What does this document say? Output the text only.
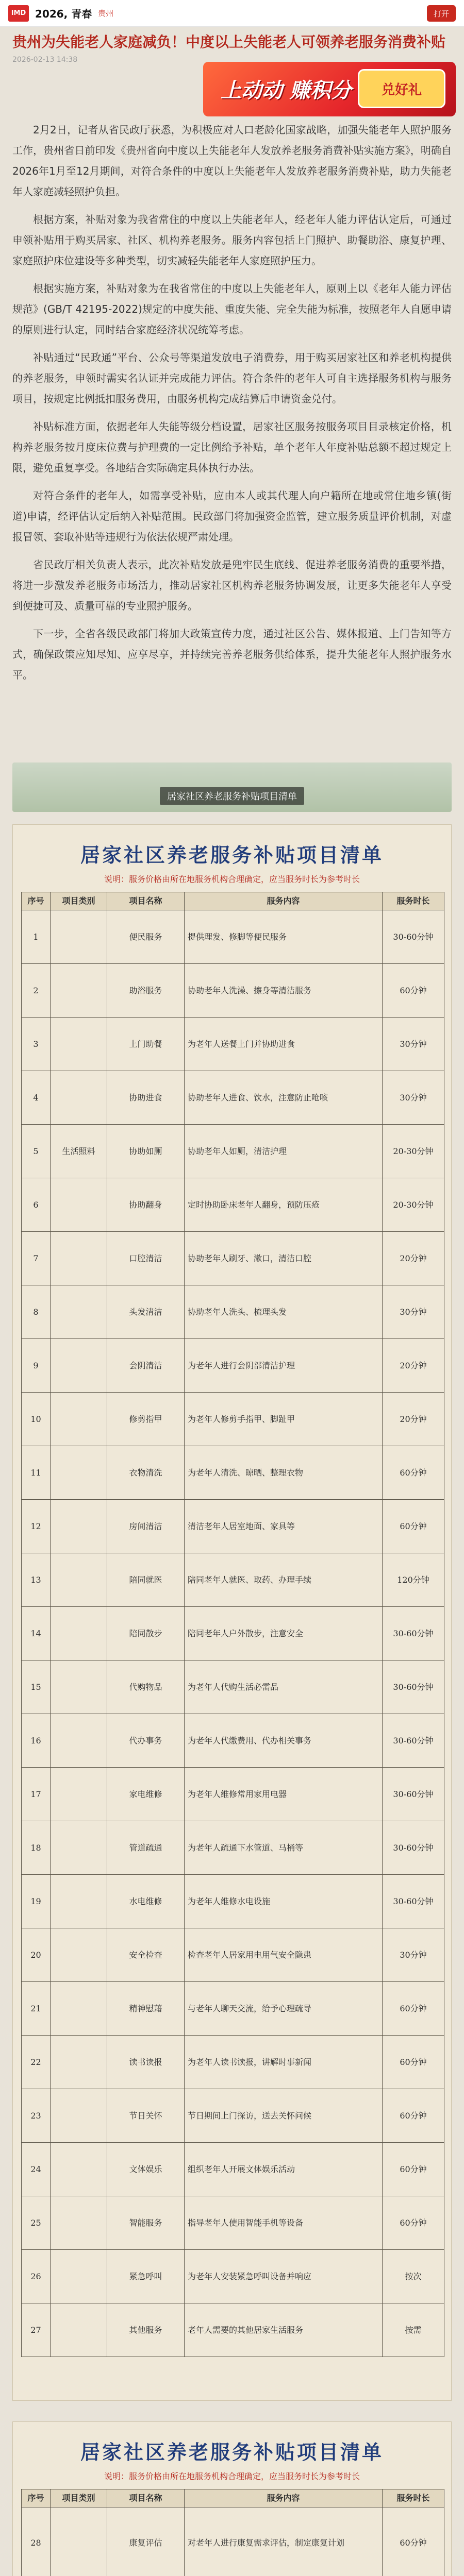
IMD 2026, 青春 贵州	打开
贵州为失能老人家庭减负！中度以上失能老人可领养老服务消费补贴
2026-02-13 14:38
上动动 赚积分	兑好礼

2月2日，记者从省民政厅获悉，为积极应对人口老龄化国家战略，加强失能老年人照护服务工作，贵州省日前印发《贵州省向中度以上失能老年人发放养老服务消费补贴实施方案》，明确自2026年1月至12月期间，对符合条件的中度以上失能老年人发放养老服务消费补贴，助力失能老年人家庭减轻照护负担。

根据方案，补贴对象为我省常住的中度以上失能老年人，经老年人能力评估认定后，可通过申领补贴用于购买居家、社区、机构养老服务。服务内容包括上门照护、助餐助浴、康复护理、家庭照护床位建设等多种类型，切实减轻失能老年人家庭照护压力。

根据实施方案，补贴对象为在我省常住的中度以上失能老年人，原则上以《老年人能力评估规范》(GB/T 42195-2022)规定的中度失能、重度失能、完全失能为标准，按照老年人自愿申请的原则进行认定，同时结合家庭经济状况统筹考虑。

补贴通过“民政通”平台、公众号等渠道发放电子消费券，用于购买居家社区和养老机构提供的养老服务，申领时需实名认证并完成能力评估。符合条件的老年人可自主选择服务机构与服务项目，按规定比例抵扣服务费用，由服务机构完成结算后申请资金兑付。

补贴标准方面，依据老年人失能等级分档设置，居家社区服务按服务项目目录核定价格，机构养老服务按月度床位费与护理费的一定比例给予补贴，单个老年人年度补贴总额不超过规定上限，避免重复享受。各地结合实际确定具体执行办法。

对符合条件的老年人，如需享受补贴，应由本人或其代理人向户籍所在地或常住地乡镇(街道)申请，经评估认定后纳入补贴范围。民政部门将加强资金监管，建立服务质量评价机制，对虚报冒领、套取补贴等违规行为依法依规严肃处理。

省民政厅相关负责人表示，此次补贴发放是兜牢民生底线、促进养老服务消费的重要举措，将进一步激发养老服务市场活力，推动居家社区机构养老服务协调发展，让更多失能老年人享受到便捷可及、质量可靠的专业照护服务。

下一步，全省各级民政部门将加大政策宣传力度，通过社区公告、媒体报道、上门告知等方式，确保政策应知尽知、应享尽享，并持续完善养老服务供给体系，提升失能老年人照护服务水平。

居家社区养老服务补贴项目清单
居家社区养老服务补贴项目清单
说明：服务价格由所在地服务机构合理确定，应当服务时长为参考时长
序号	项目类别	项目名称	服务内容	服务时长
1		便民服务	提供理发、修脚等便民服务	30-60分钟
2		助浴服务	协助老年人洗澡、擦身等清洁服务	60分钟
3		上门助餐	为老年人送餐上门并协助进食	30分钟
4		协助进食	协助老年人进食、饮水，注意防止呛咳	30分钟
5	生活照料	协助如厕	协助老年人如厕，清洁护理	20-30分钟
6		协助翻身	定时协助卧床老年人翻身，预防压疮	20-30分钟
7		口腔清洁	协助老年人刷牙、漱口，清洁口腔	20分钟
8		头发清洁	协助老年人洗头、梳理头发	30分钟
9		会阴清洁	为老年人进行会阴部清洁护理	20分钟
10		修剪指甲	为老年人修剪手指甲、脚趾甲	20分钟
11		衣物清洗	为老年人清洗、晾晒、整理衣物	60分钟
12		房间清洁	清洁老年人居室地面、家具等	60分钟
13		陪同就医	陪同老年人就医、取药、办理手续	120分钟
14		陪同散步	陪同老年人户外散步，注意安全	30-60分钟
15		代购物品	为老年人代购生活必需品	30-60分钟
16		代办事务	为老年人代缴费用、代办相关事务	30-60分钟
17		家电维修	为老年人维修常用家用电器	30-60分钟
18		管道疏通	为老年人疏通下水管道、马桶等	30-60分钟
19		水电维修	为老年人维修水电设施	30-60分钟
20		安全检查	检查老年人居家用电用气安全隐患	30分钟
21		精神慰藉	与老年人聊天交流，给予心理疏导	60分钟
22		读书读报	为老年人读书读报，讲解时事新闻	60分钟
23		节日关怀	节日期间上门探访，送去关怀问候	60分钟
24		文体娱乐	组织老年人开展文体娱乐活动	60分钟
25		智能服务	指导老年人使用智能手机等设备	60分钟
26		紧急呼叫	为老年人安装紧急呼叫设备并响应	按次
27		其他服务	老年人需要的其他居家生活服务	按需
居家社区养老服务补贴项目清单
说明：服务价格由所在地服务机构合理确定，应当服务时长为参考时长
序号	项目类别	项目名称	服务内容	服务时长
28		康复评估	对老年人进行康复需求评估，制定康复计划	60分钟
